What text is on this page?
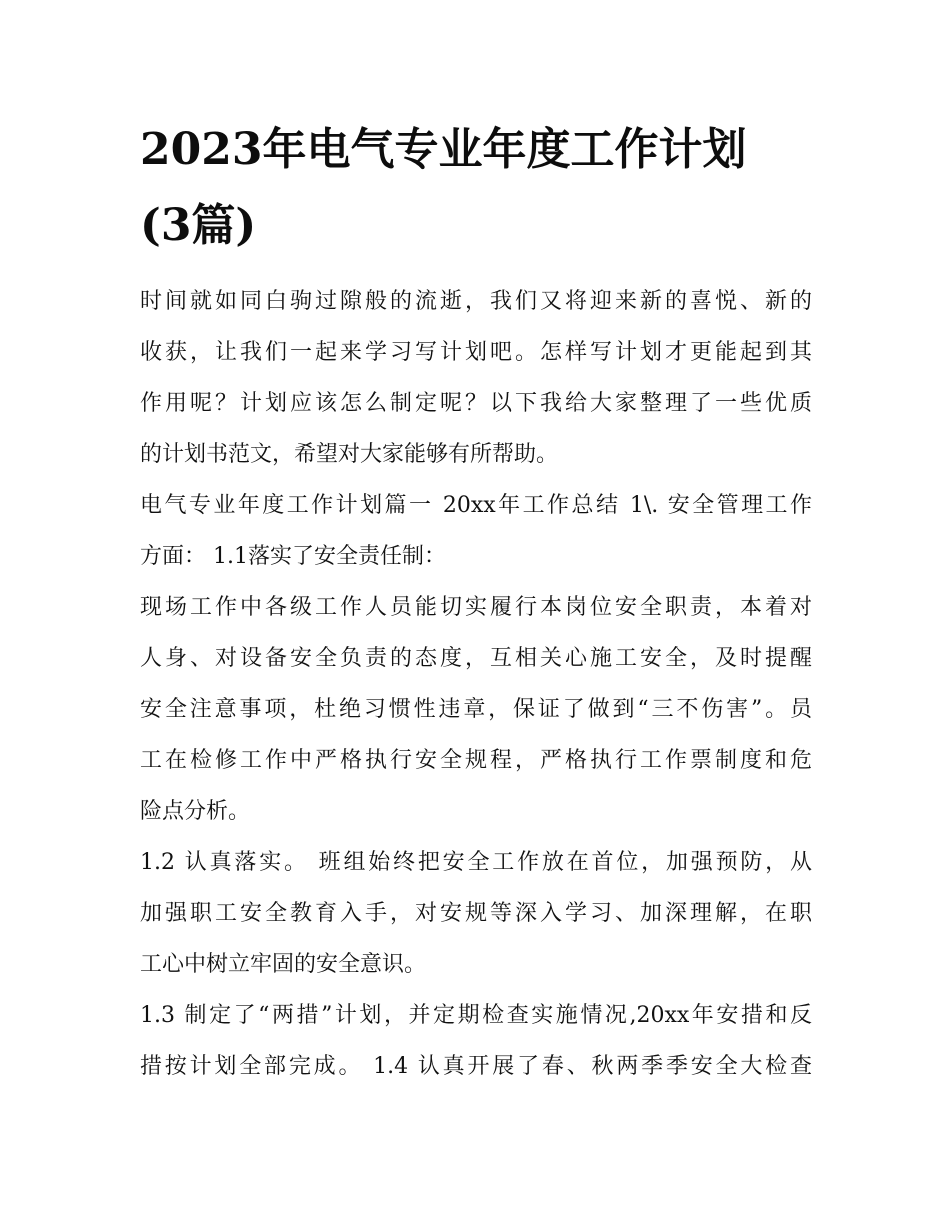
2023年电气专业年度工作计划
(3篇)

时间就如同白驹过隙般的流逝，我们又将迎来新的喜悦、新的
收获，让我们一起来学习写计划吧。怎样写计划才更能起到其
作用呢？计划应该怎么制定呢？以下我给大家整理了一些优质
的计划书范文，希望对大家能够有所帮助。

电气专业年度工作计划篇一 20xx年工作总结 1\. 安全管理工作
方面： 1.1落实了安全责任制：

现场工作中各级工作人员能切实履行本岗位安全职责，本着对
人身、对设备安全负责的态度，互相关心施工安全，及时提醒
安全注意事项，杜绝习惯性违章，保证了做到“三不伤害”。员
工在检修工作中严格执行安全规程，严格执行工作票制度和危
险点分析。

1.2 认真落实。 班组始终把安全工作放在首位，加强预防，从
加强职工安全教育入手，对安规等深入学习、加深理解，在职
工心中树立牢固的安全意识。

1.3 制定了“两措”计划，并定期检查实施情况,20xx年安措和反
措按计划全部完成。 1.4 认真开展了春、秋两季季安全大检查
